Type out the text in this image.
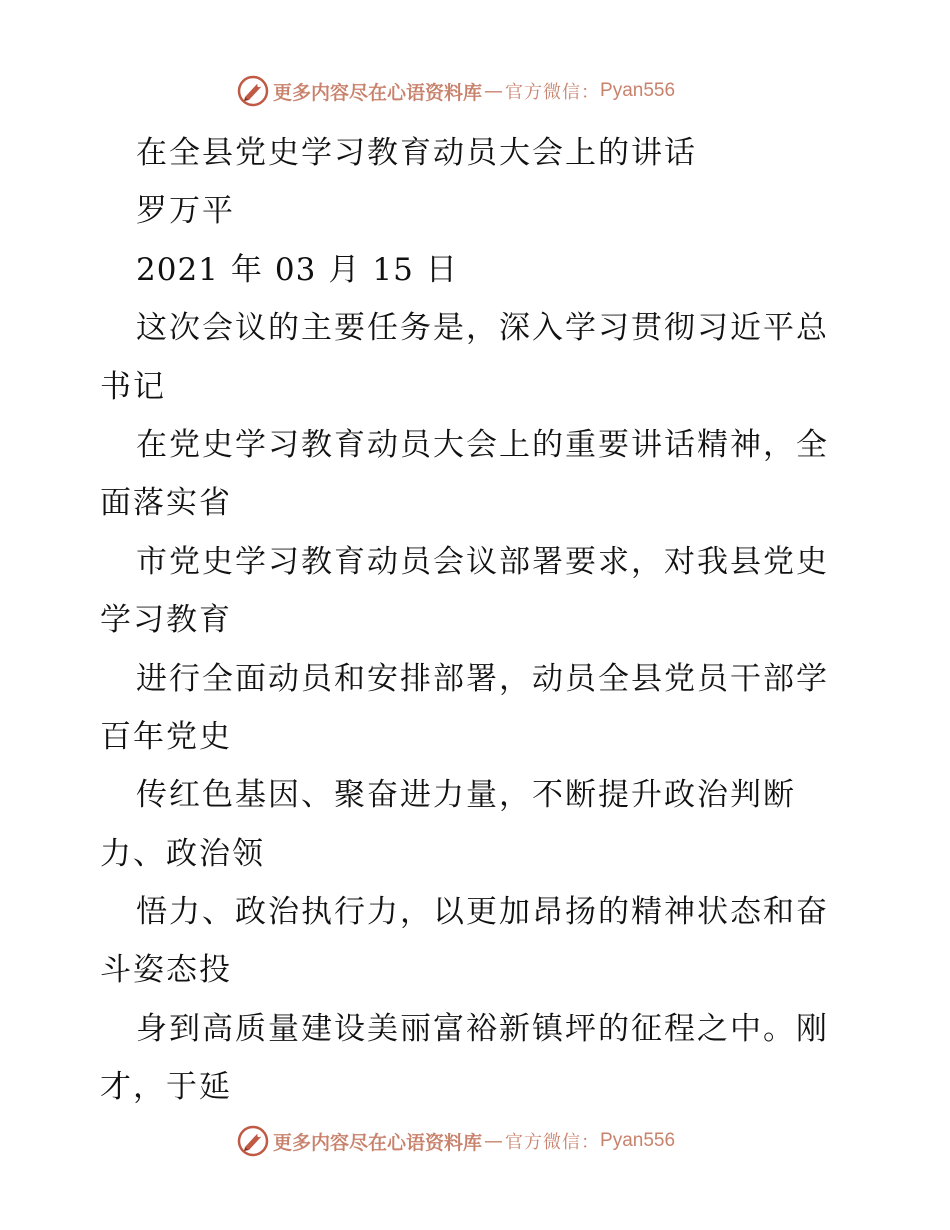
更多内容尽在心语资料库 — 官方微信： Pyan556
在全县党史学习教育动员大会上的讲话
罗万平
2021 年 03 月 15 日
这次会议的主要任务是，深入学习贯彻习近平总
书记
在党史学习教育动员大会上的重要讲话精神，全
面落实省
市党史学习教育动员会议部署要求，对我县党史
学习教育
进行全面动员和安排部署，动员全县党员干部学
百年党史
传红色基因、聚奋进力量，不断提升政治判断
力、政治领
悟力、政治执行力，以更加昂扬的精神状态和奋
斗姿态投
身到高质量建设美丽富裕新镇坪的征程之中。刚
才，于延
更多内容尽在心语资料库 — 官方微信： Pyan556
